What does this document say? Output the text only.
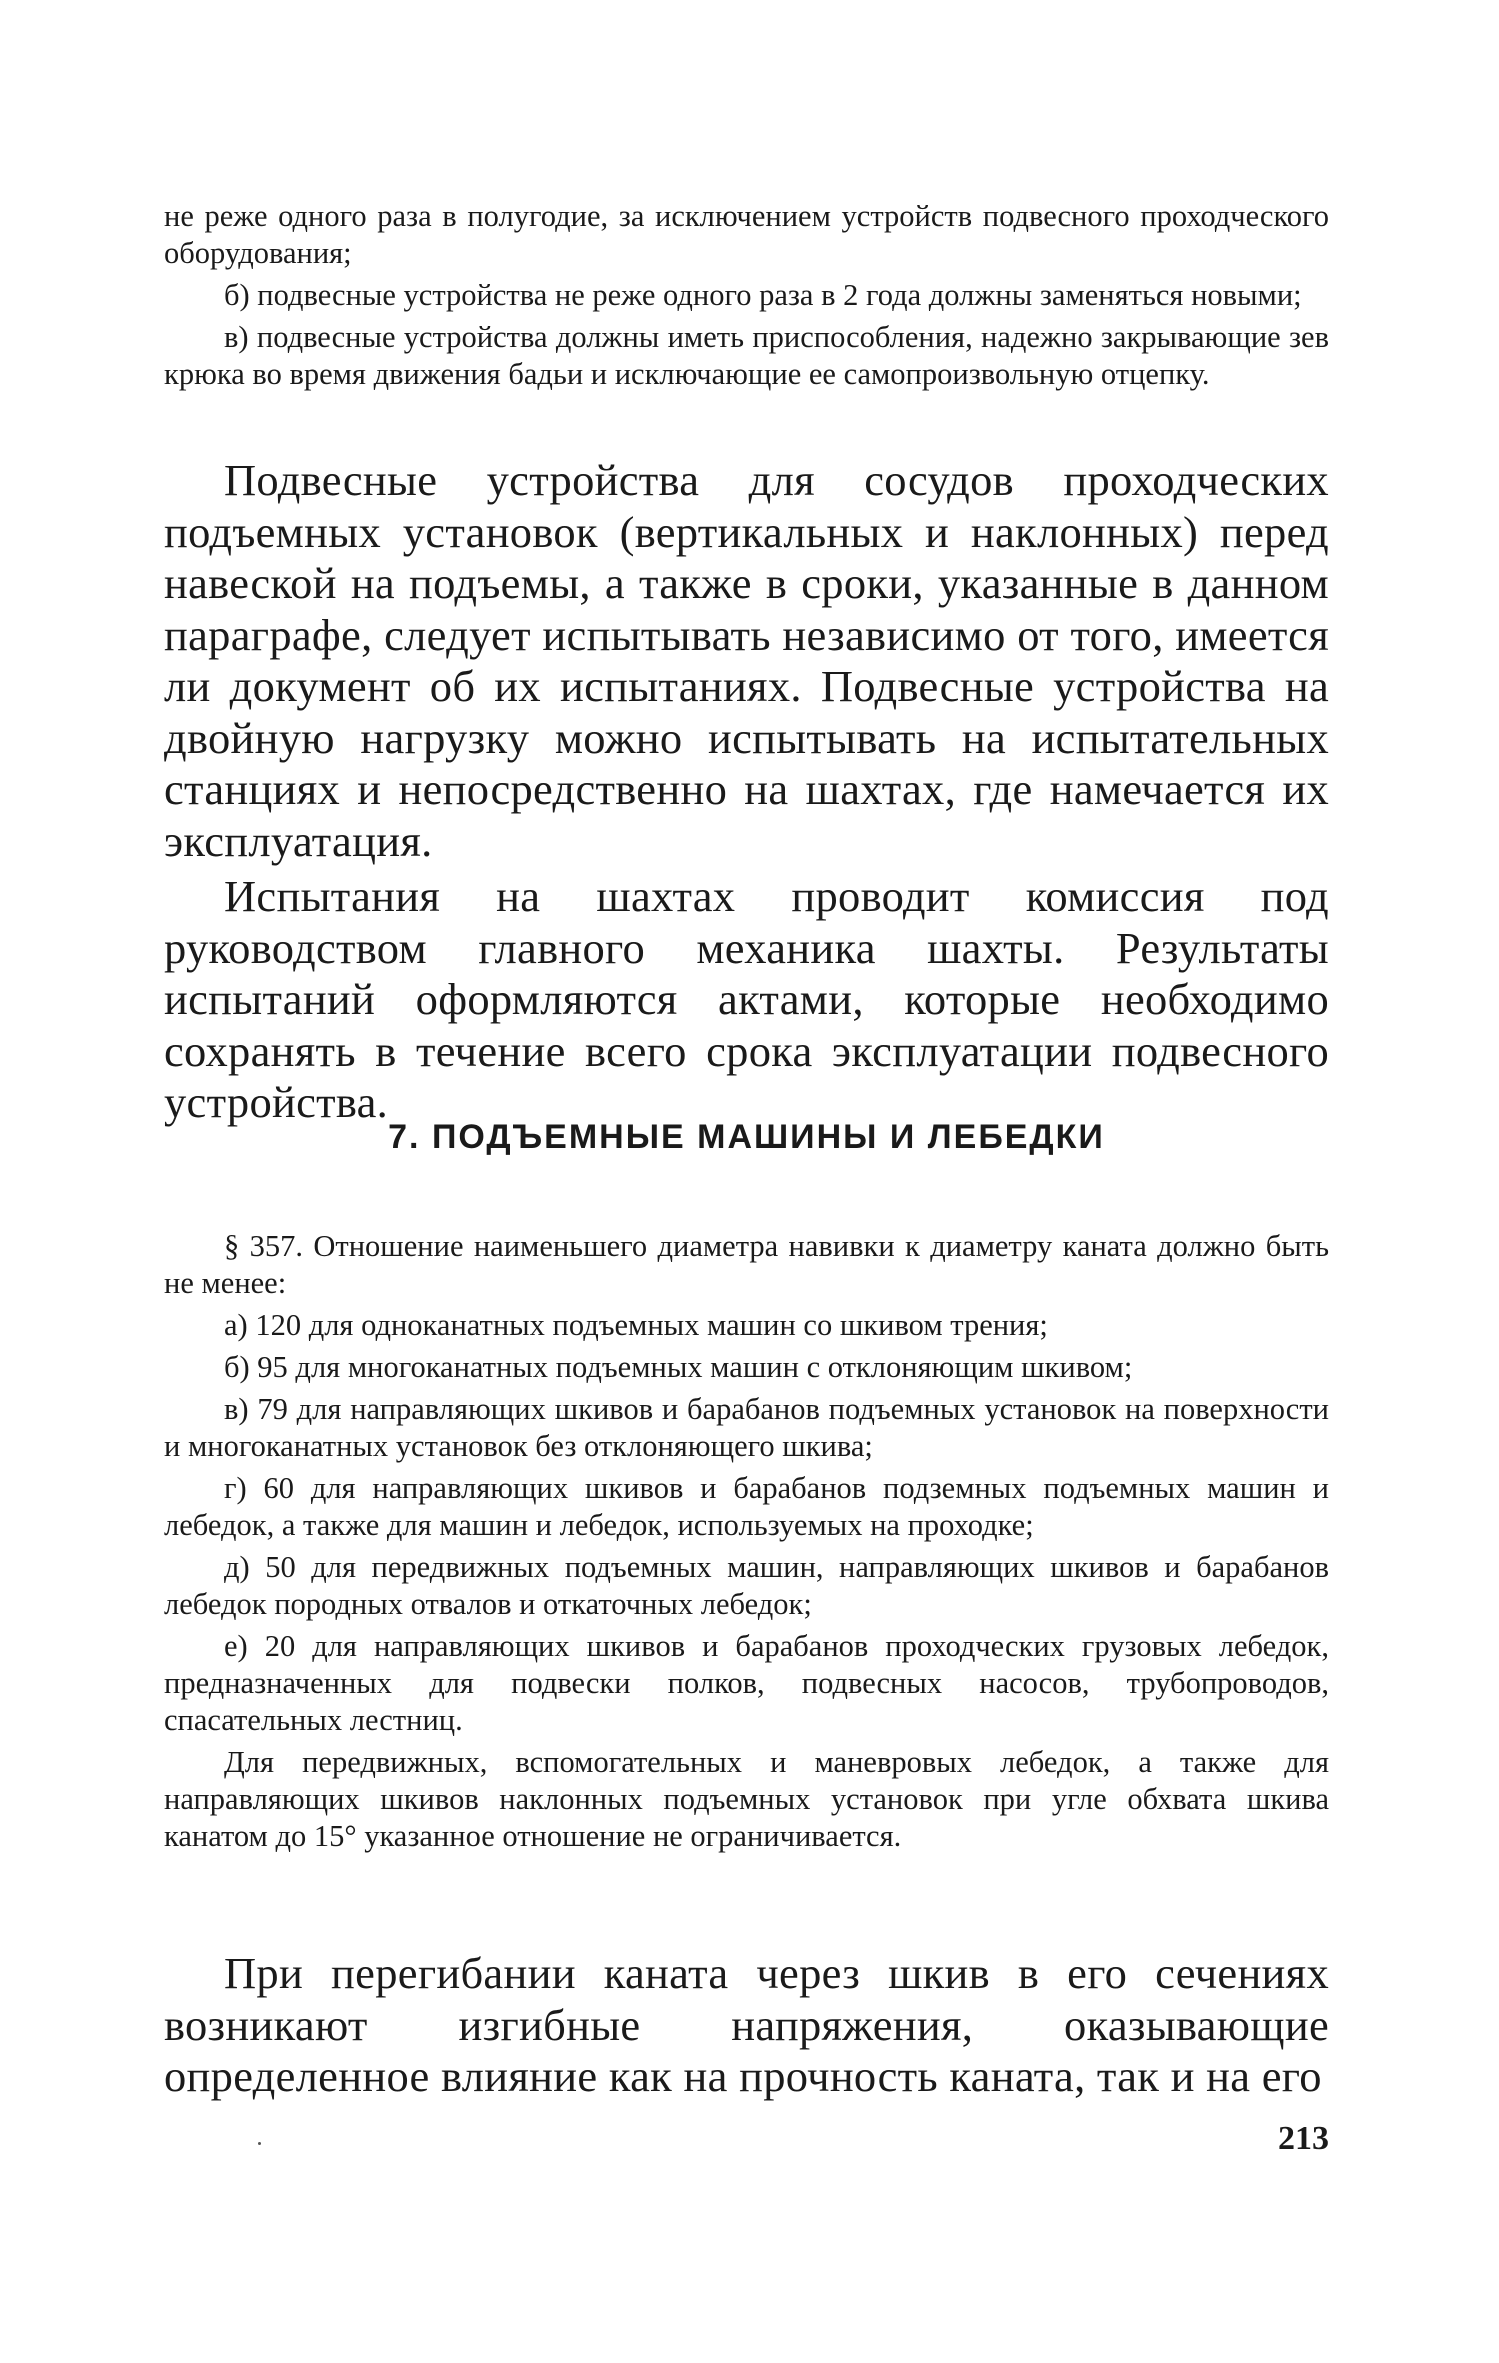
не реже одного раза в полугодие, за исключением устройств подвесного проходческого оборудования;

б) подвесные устройства не реже одного раза в 2 года должны заменяться новыми;

в) подвесные устройства должны иметь приспособления, надежно закрывающие зев крюка во время движения бадьи и исключающие ее самопроизвольную отцепку.

Подвесные устройства для сосудов проходческих подъемных установок (вертикальных и наклонных) перед навеской на подъемы, а также в сроки, указанные в данном параграфе, следует испытывать независимо от того, имеется ли документ об их испытаниях. Подвесные устройства на двойную нагрузку можно испытывать на испытательных станциях и непосредственно на шахтах, где намечается их эксплуатация.

Испытания на шахтах проводит комиссия под руководством главного механика шахты. Результаты испытаний оформляются актами, которые необходимо сохранять в течение всего срока эксплуатации подвесного устройства.

7. ПОДЪЕМНЫЕ МАШИНЫ И ЛЕБЕДКИ

§ 357. Отношение наименьшего диаметра навивки к диаметру каната должно быть не менее:

а) 120 для одноканатных подъемных машин со шкивом трения;

б) 95 для многоканатных подъемных машин с отклоняющим шкивом;

в) 79 для направляющих шкивов и барабанов подъемных установок на поверхности и многоканатных установок без отклоняющего шкива;

г) 60 для направляющих шкивов и барабанов подземных подъемных машин и лебедок, а также для машин и лебедок, используемых на проходке;

д) 50 для передвижных подъемных машин, направляющих шкивов и барабанов лебедок породных отвалов и откаточных лебедок;

е) 20 для направляющих шкивов и барабанов проходческих грузовых лебедок, предназначенных для подвески полков, подвесных насосов, трубопроводов, спасательных лестниц.

Для передвижных, вспомогательных и маневровых лебедок, а также для направляющих шкивов наклонных подъемных установок при угле обхвата шкива канатом до 15° указанное отношение не ограничивается.

При перегибании каната через шкив в его сечениях возникают изгибные напряжения, оказывающие определенное влияние как на прочность каната, так и на его

213
